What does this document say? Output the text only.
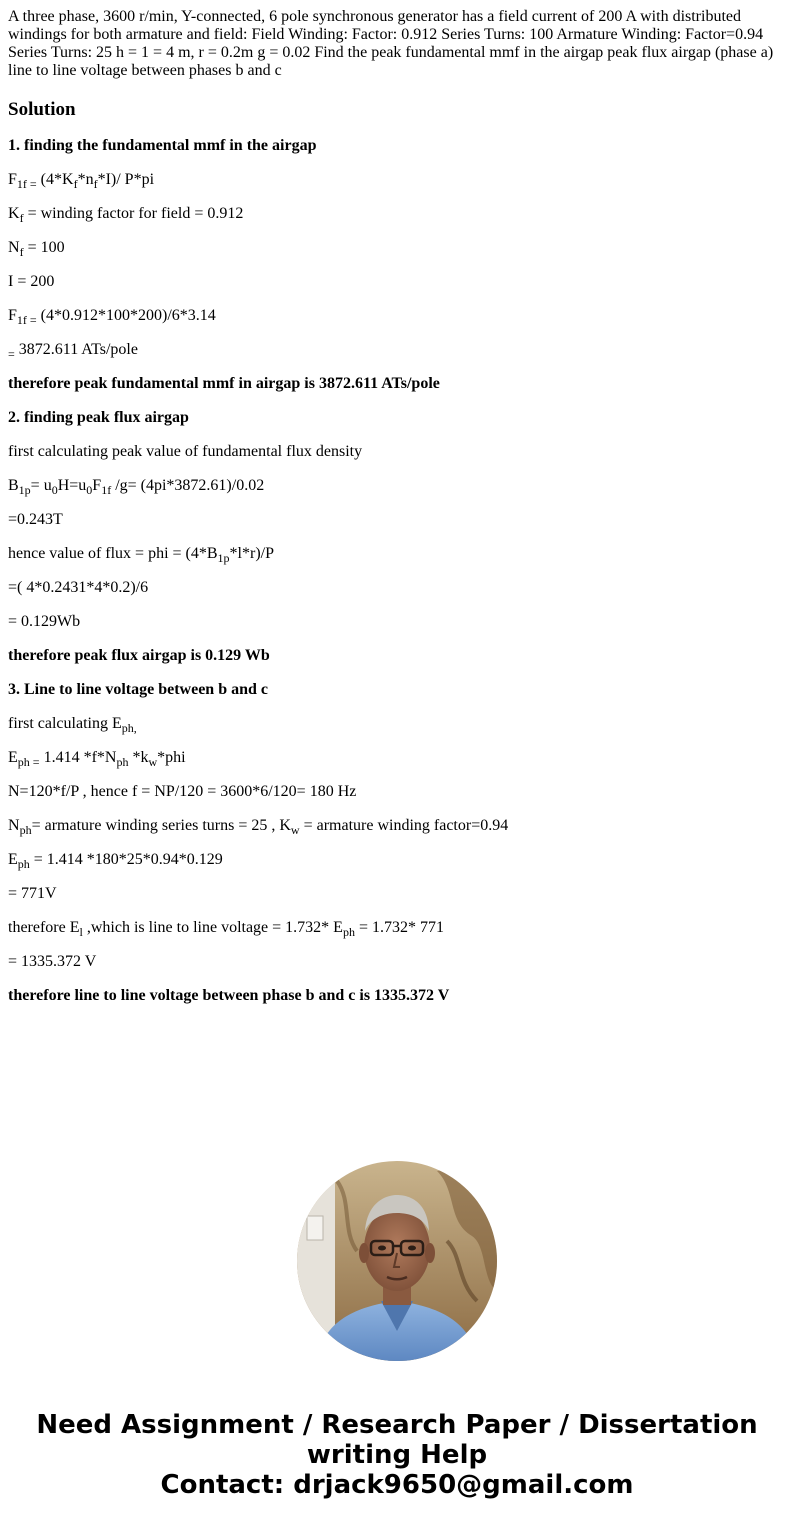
A three phase, 3600 r/min, Y-connected, 6 pole synchronous generator has a field current of 200 A with distributed windings for both armature and field: Field Winding: Factor: 0.912 Series Turns: 100 Armature Winding: Factor=0.94 Series Turns: 25 h = 1 = 4 m, r = 0.2m g = 0.02 Find the peak fundamental mmf in the airgap peak flux airgap (phase a) line to line voltage between phases b and c
Solution
1. finding the fundamental mmf in the airgap
$F_{1f =}$ $(4*K_f*n_f*I)/$ P*pi
$K_f$ = winding factor for field = 0.912
$N_f = 100$
I = 200
$F_{1f =}$ (4*0.912*100*200)/6*3.14
$_=$ 3872.611 ATs/pole
therefore peak fundamental mmf in airgap is 3872.611 ATs/pole
2. finding peak flux airgap
first calculating peak value of fundamental flux density
$B_{1p}= u_0H=u_0F_{1f}$ /g= (4pi*3872.61)/0.02
=0.243T
hence value of flux = phi = $(4*B_{1p}*l*r)/P$
=( 4*0.2431*4*0.2)/6
= 0.129Wb
therefore peak flux airgap is 0.129 Wb
3. Line to line voltage between b and c
first calculating $E_{ph,}$
$E_{ph =}$ 1.414 $*f*N_{ph}$ $*k_w*phi$
N=120*f/P , hence f = NP/120 = 3600*6/120= 180 Hz
$N_{ph}=$ armature winding series turns = 25 , $K_w$ = armature winding factor=0.94
$E_{ph} = 1.414$ *180*25*0.94*0.129
= 771V
therefore $E_l$ ,which is line to line voltage = 1.732* $E_{ph} = 1.732*$ 771
= 1335.372 V
therefore line to line voltage between phase b and c is 1335.372 V
Need Assignment / Research Paper / Dissertation
writing Help
Contact: drjack9650@gmail.com
